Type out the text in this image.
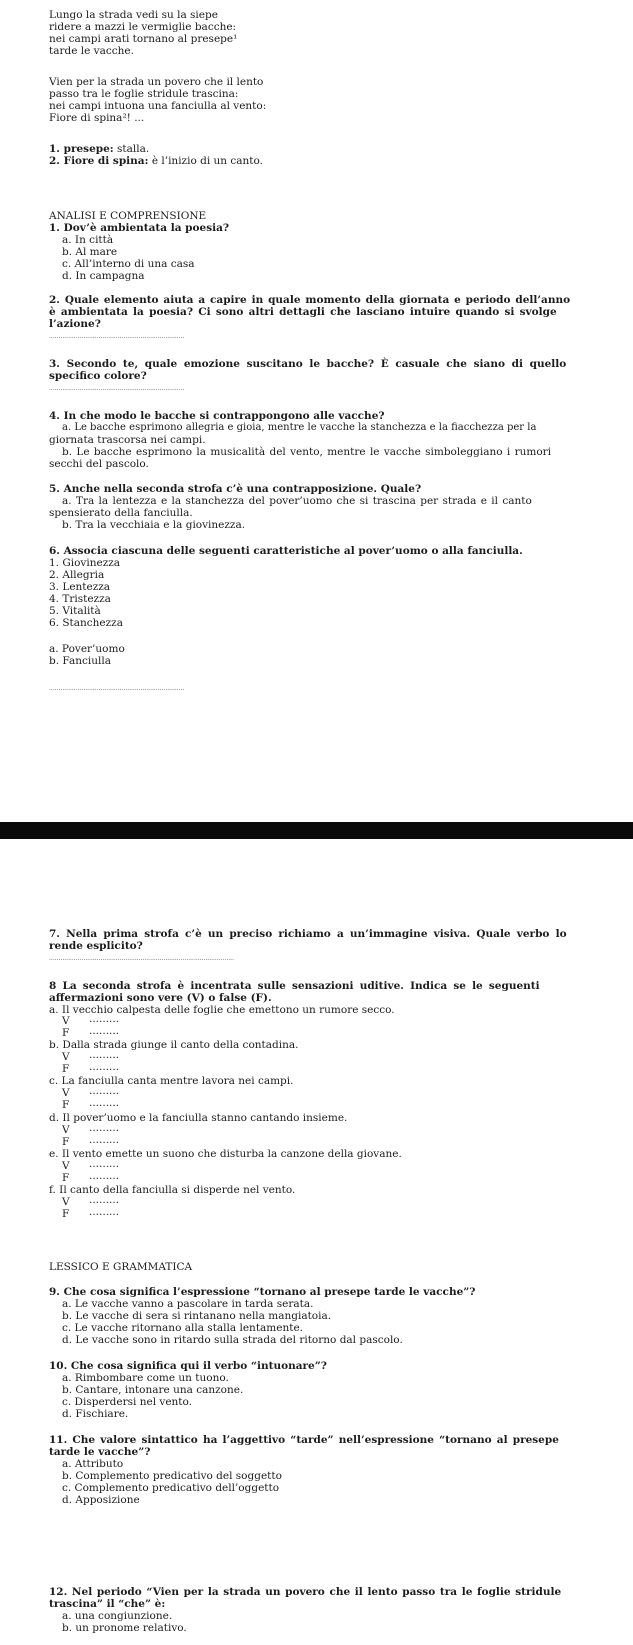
Lungo la strada vedi su la siepe
ridere a mazzi le vermiglie bacche:
nei campi arati tornano al presepe¹
tarde le vacche.
Vien per la strada un povero che il lento
passo tra le foglie stridule trascina:
nei campi intuona una fanciulla al vento:
Fiore di spina²! ...
1. presepe: stalla.
2. Fiore di spina: è l’inizio di un canto.
ANALISI E COMPRENSIONE
1. Dov’è ambientata la poesia?
a. In città
b. Al mare
c. All’interno di una casa
d. In campagna
2. Quale elemento aiuta a capire in quale momento della giornata e periodo dell’anno
è ambientata la poesia? Ci sono altri dettagli che lasciano intuire quando si svolge
l’azione?
.......................................................................
3. Secondo te, quale emozione suscitano le bacche? È casuale che siano di quello
specifico colore?
.......................................................................
4. In che modo le bacche si contrappongono alle vacche?
a. Le bacche esprimono allegria e gioia, mentre le vacche la stanchezza e la fiacchezza per la
giornata trascorsa nei campi.
b. Le bacche esprimono la musicalità del vento, mentre le vacche simboleggiano i rumori
secchi del pascolo.
5. Anche nella seconda strofa c’è una contrapposizione. Quale?
a. Tra la lentezza e la stanchezza del pover’uomo che si trascina per strada e il canto
spensierato della fanciulla.
b. Tra la vecchiaia e la giovinezza.
6. Associa ciascuna delle seguenti caratteristiche al pover’uomo o alla fanciulla.
1. Giovinezza
2. Allegria
3. Lentezza
4. Tristezza
5. Vitalità
6. Stanchezza
a. Pover’uomo
b. Fanciulla
.......................................................................
7. Nella prima strofa c’è un preciso richiamo a un’immagine visiva. Quale verbo lo
rende esplicito?
.................................................................................................
8 La seconda strofa è incentrata sulle sensazioni uditive. Indica se le seguenti
affermazioni sono vere (V) o false (F).
a. Il vecchio calpesta delle foglie che emettono un rumore secco.
V .........
F .........
b. Dalla strada giunge il canto della contadina.
V .........
F .........
c. La fanciulla canta mentre lavora nei campi.
V .........
F .........
d. Il pover’uomo e la fanciulla stanno cantando insieme.
V .........
F .........
e. Il vento emette un suono che disturba la canzone della giovane.
V .........
F .........
f. Il canto della fanciulla si disperde nel vento.
V .........
F .........
LESSICO E GRAMMATICA
9. Che cosa significa l’espressione “tornano al presepe tarde le vacche”?
a. Le vacche vanno a pascolare in tarda serata.
b. Le vacche di sera si rintanano nella mangiatoia.
c. Le vacche ritornano alla stalla lentamente.
d. Le vacche sono in ritardo sulla strada del ritorno dal pascolo.
10. Che cosa significa qui il verbo “intuonare”?
a. Rimbombare come un tuono.
b. Cantare, intonare una canzone.
c. Disperdersi nel vento.
d. Fischiare.
11. Che valore sintattico ha l’aggettivo “tarde” nell’espressione “tornano al presepe
tarde le vacche”?
a. Attributo
b. Complemento predicativo del soggetto
c. Complemento predicativo dell’oggetto
d. Apposizione
12. Nel periodo “Vien per la strada un povero che il lento passo tra le foglie stridule
trascina” il “che” è:
a. una congiunzione.
b. un pronome relativo.
